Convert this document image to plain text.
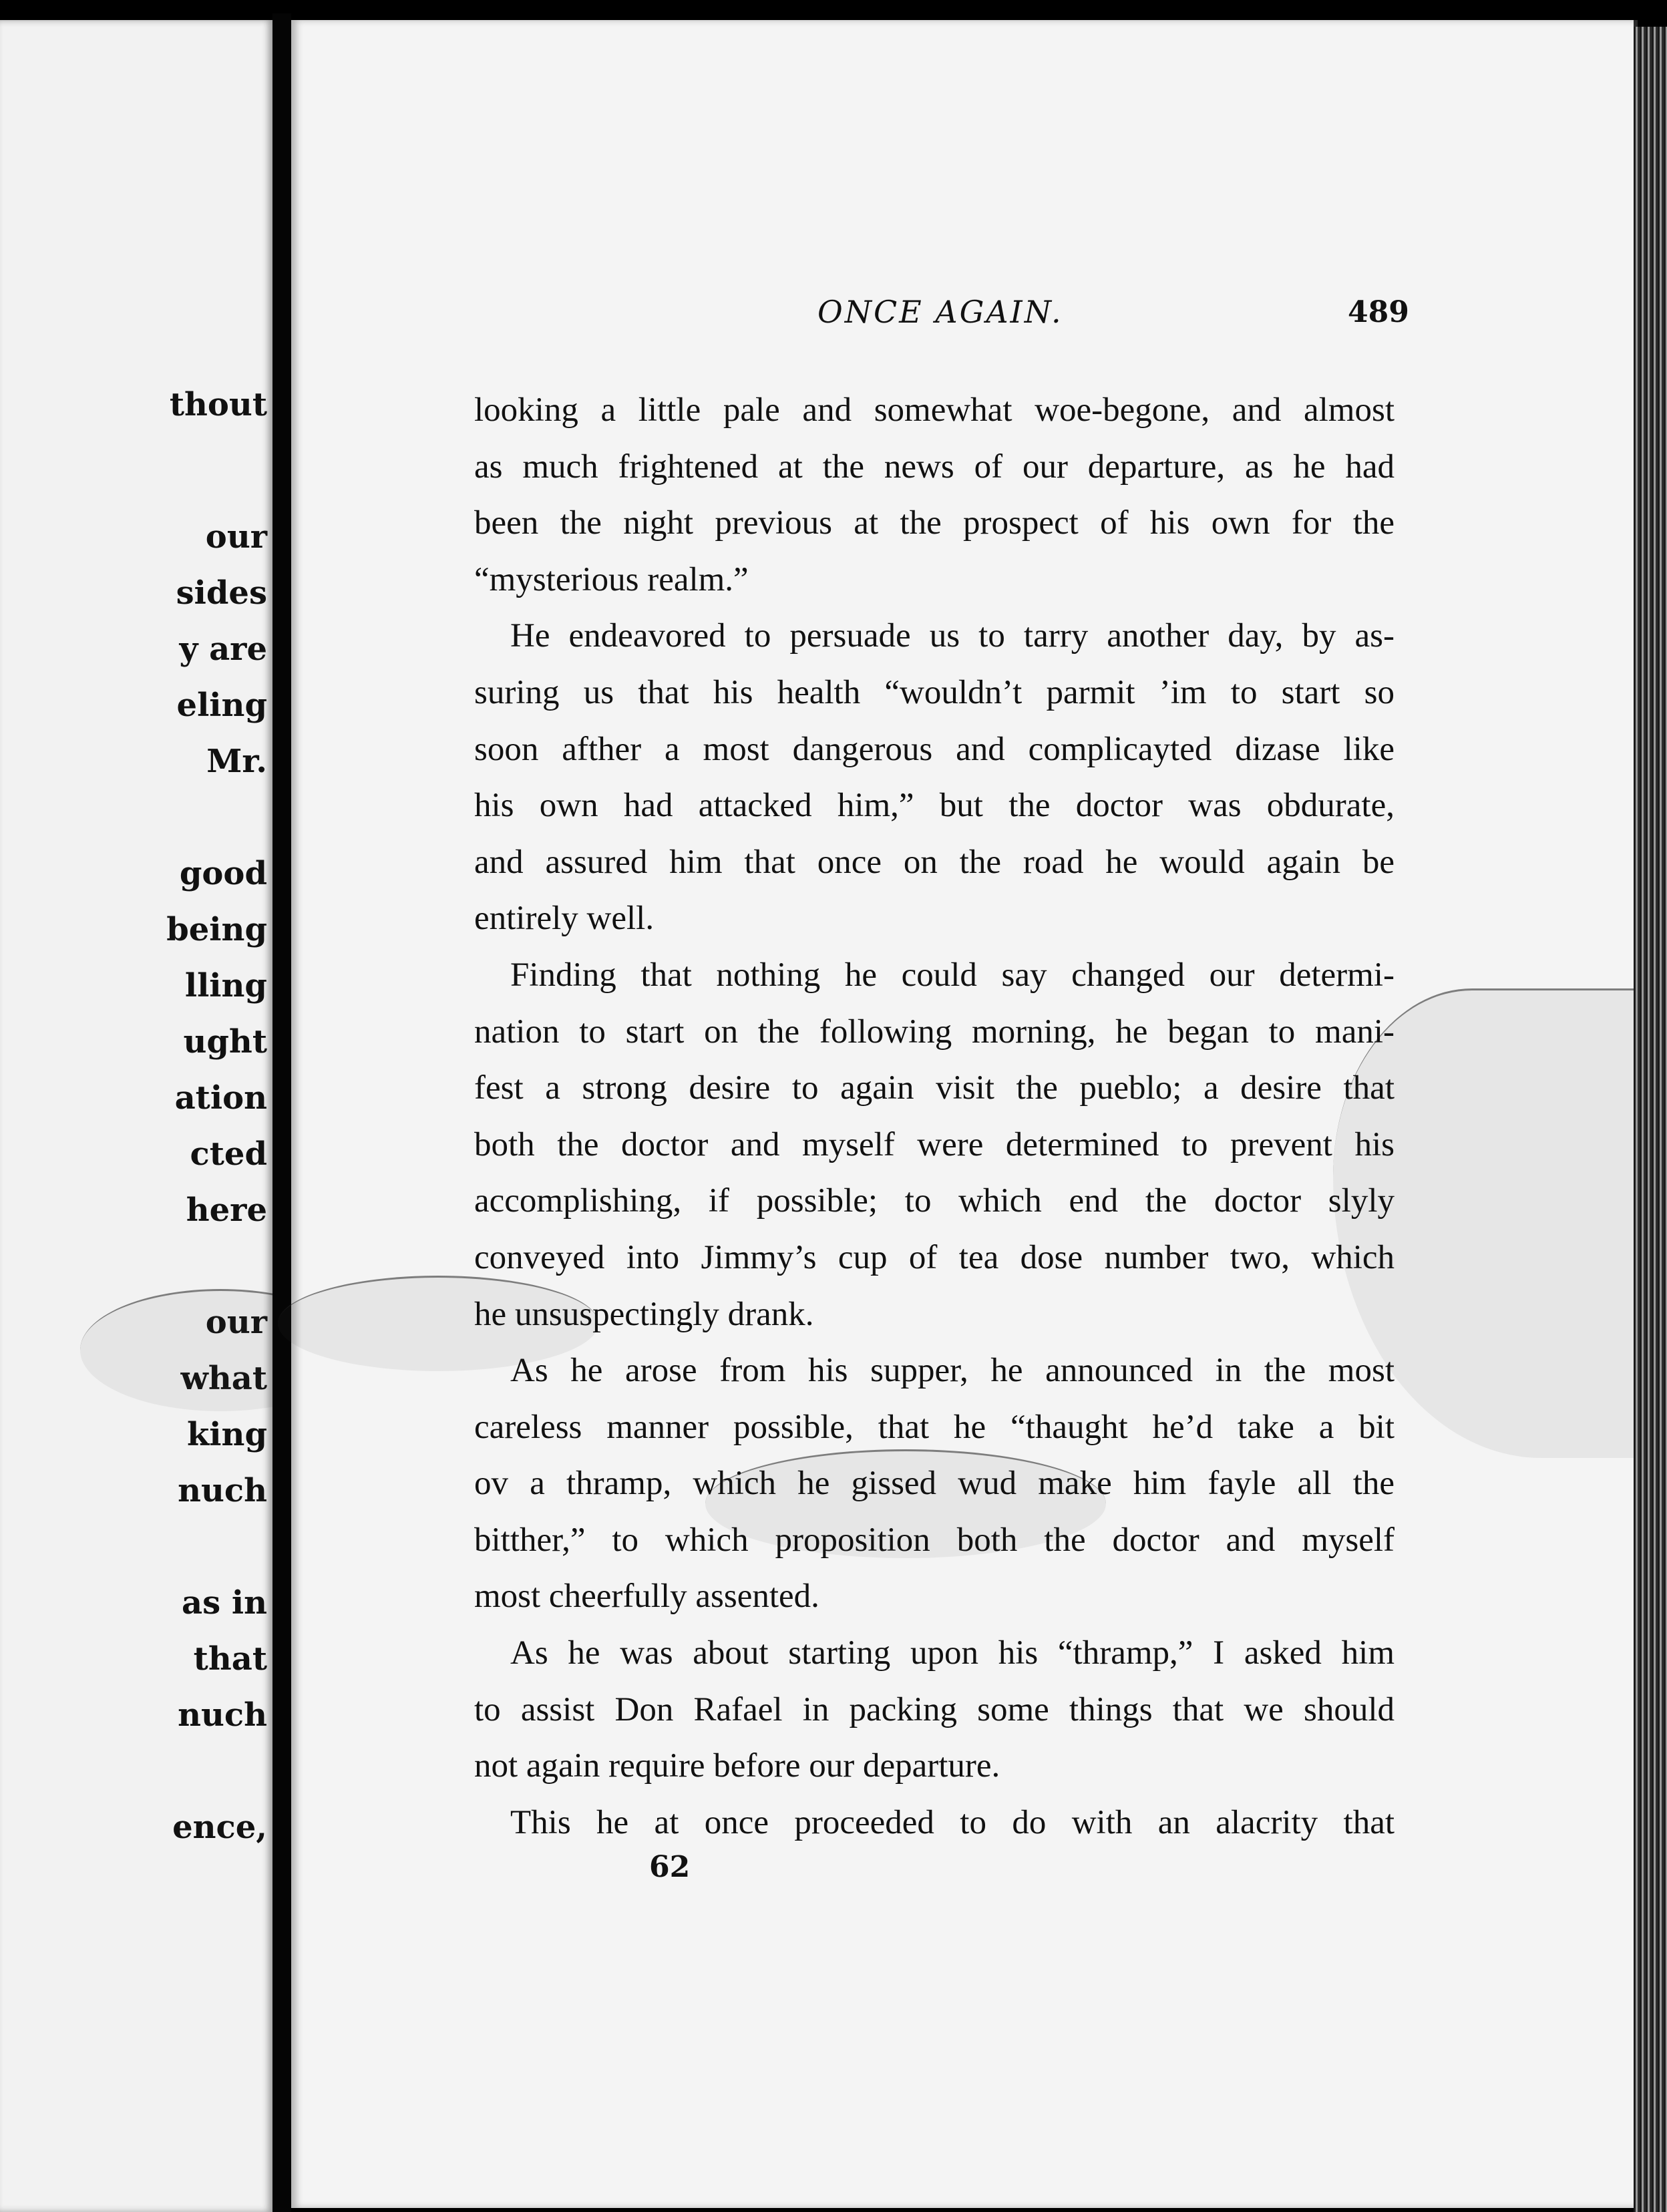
thout
our
sides
y are
eling
Mr.
good
being
lling
ught
ation
cted
here
our
what
king
nuch
as in
that
nuch
ence,
ONCE AGAIN.	489
looking a little pale and somewhat woe-begone, and almost
as much frightened at the news of our departure, as he had
been the night previous at the prospect of his own for the
“mysterious realm.”
He endeavored to persuade us to tarry another day, by as-
suring us that his health “wouldn’t parmit ’im to start so
soon afther a most dangerous and complicayted dizase like
his own had attacked him,” but the doctor was obdurate,
and assured him that once on the road he would again be
entirely well.
Finding that nothing he could say changed our determi-
nation to start on the following morning, he began to mani-
fest a strong desire to again visit the pueblo; a desire that
both the doctor and myself were determined to prevent his
accomplishing, if possible; to which end the doctor slyly
conveyed into Jimmy’s cup of tea dose number two, which
he unsuspectingly drank.
As he arose from his supper, he announced in the most
careless manner possible, that he “thaught he’d take a bit
ov a thramp, which he gissed wud make him fayle all the
bitther,” to which proposition both the doctor and myself
most cheerfully assented.
As he was about starting upon his “thramp,” I asked him
to assist Don Rafael in packing some things that we should
not again require before our departure.
This he at once proceeded to do with an alacrity that
62
